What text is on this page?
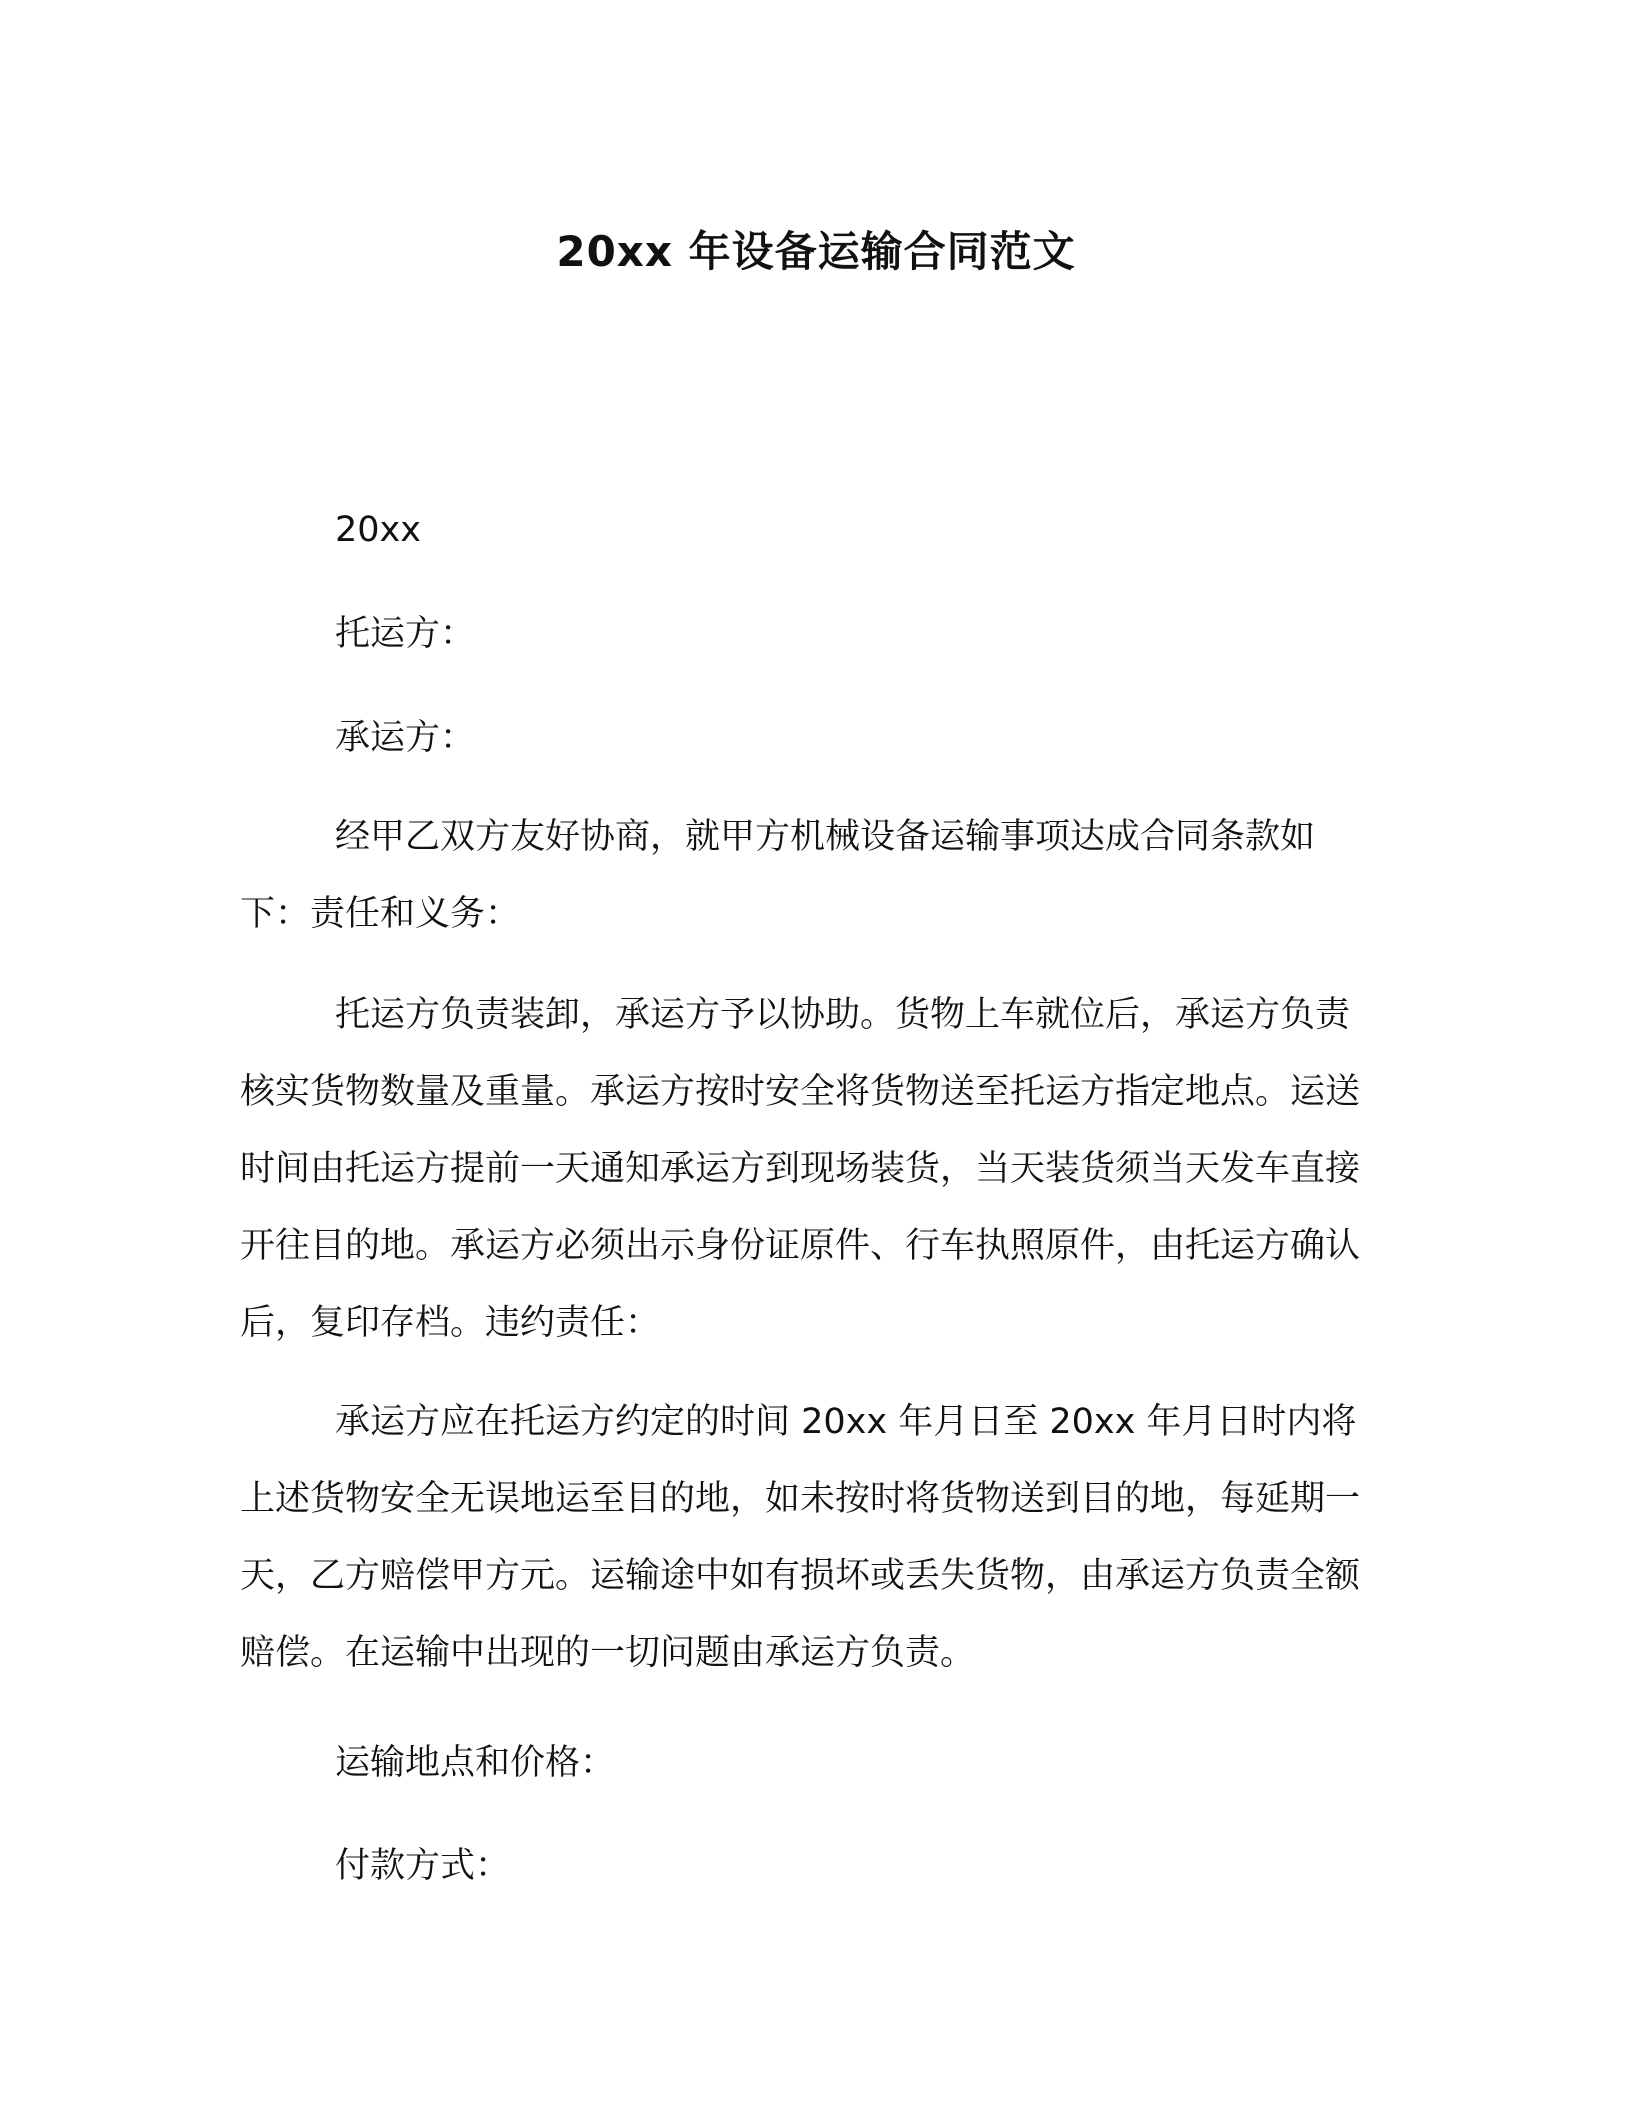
20xx 年设备运输合同范文

20xx

托运方：

承运方：

经甲乙双方友好协商，就甲方机械设备运输事项达成合同条款如下：责任和义务：

托运方负责装卸，承运方予以协助。货物上车就位后，承运方负责核实货物数量及重量。承运方按时安全将货物送至托运方指定地点。运送时间由托运方提前一天通知承运方到现场装货，当天装货须当天发车直接开往目的地。承运方必须出示身份证原件、行车执照原件，由托运方确认后，复印存档。违约责任：

承运方应在托运方约定的时间 20xx 年月日至 20xx 年月日时内将上述货物安全无误地运至目的地，如未按时将货物送到目的地，每延期一天，乙方赔偿甲方元。运输途中如有损坏或丢失货物，由承运方负责全额赔偿。在运输中出现的一切问题由承运方负责。

运输地点和价格：

付款方式：
